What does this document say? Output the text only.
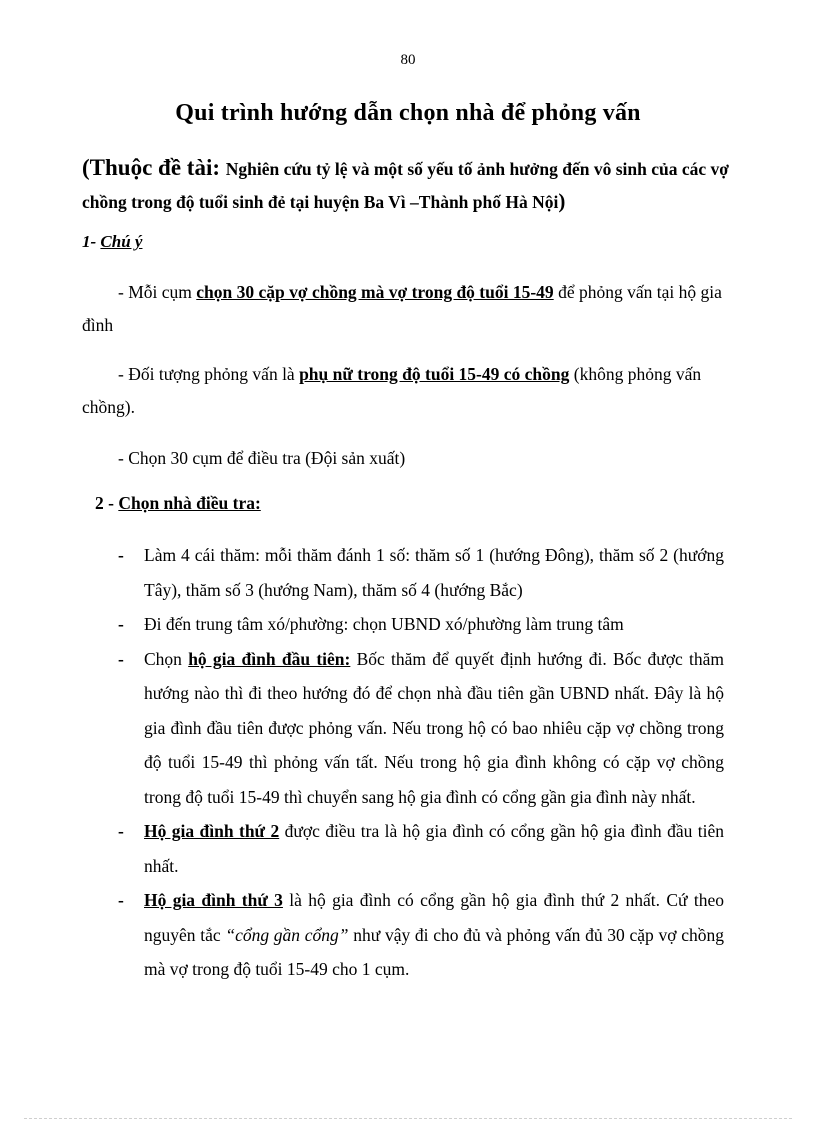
80
Qui trình hướng dẫn chọn nhà để phỏng vấn
(Thuộc đề tài: Nghiên cứu tỷ lệ và một số yếu tố ảnh hưởng đến vô sinh của các vợ chồng trong độ tuổi sinh đẻ tại huyện Ba Vì –Thành phố Hà Nội)
1- Chú ý
- Mỗi cụm chọn 30 cặp vợ chồng mà vợ trong độ tuổi 15-49 để phỏng vấn tại hộ gia đình
- Đối tượng phỏng vấn là phụ nữ trong độ tuổi 15-49 có chồng (không phỏng vấn chồng).
- Chọn 30 cụm để điều tra (Đội sản xuất)
2 - Chọn nhà điều tra:
- Làm 4 cái thăm: mỗi thăm đánh 1 số: thăm số 1 (hướng Đông), thăm số 2 (hướng Tây), thăm số 3 (hướng Nam), thăm số 4 (hướng Bắc)
- Đi đến trung tâm xó/phường: chọn UBND xó/phường làm trung tâm
- Chọn hộ gia đình đầu tiên: Bốc thăm để quyết định hướng đi. Bốc được thăm hướng nào thì đi theo hướng đó để chọn nhà đầu tiên gần UBND nhất. Đây là hộ gia đình đầu tiên được phỏng vấn. Nếu trong hộ có bao nhiêu cặp vợ chồng trong độ tuổi 15-49 thì phỏng vấn tất. Nếu trong hộ gia đình không có cặp vợ chồng trong độ tuổi 15-49 thì chuyển sang hộ gia đình có cổng gần gia đình này nhất.
- Hộ gia đình thứ 2 được điều tra là hộ gia đình có cổng gần hộ gia đình đầu tiên nhất.
- Hộ gia đình thứ 3 là hộ gia đình có cổng gần hộ gia đình thứ 2 nhất. Cứ theo nguyên tắc “cổng gần cổng” như vậy đi cho đủ và phỏng vấn đủ 30 cặp vợ chồng mà vợ trong độ tuổi 15-49 cho 1 cụm.
